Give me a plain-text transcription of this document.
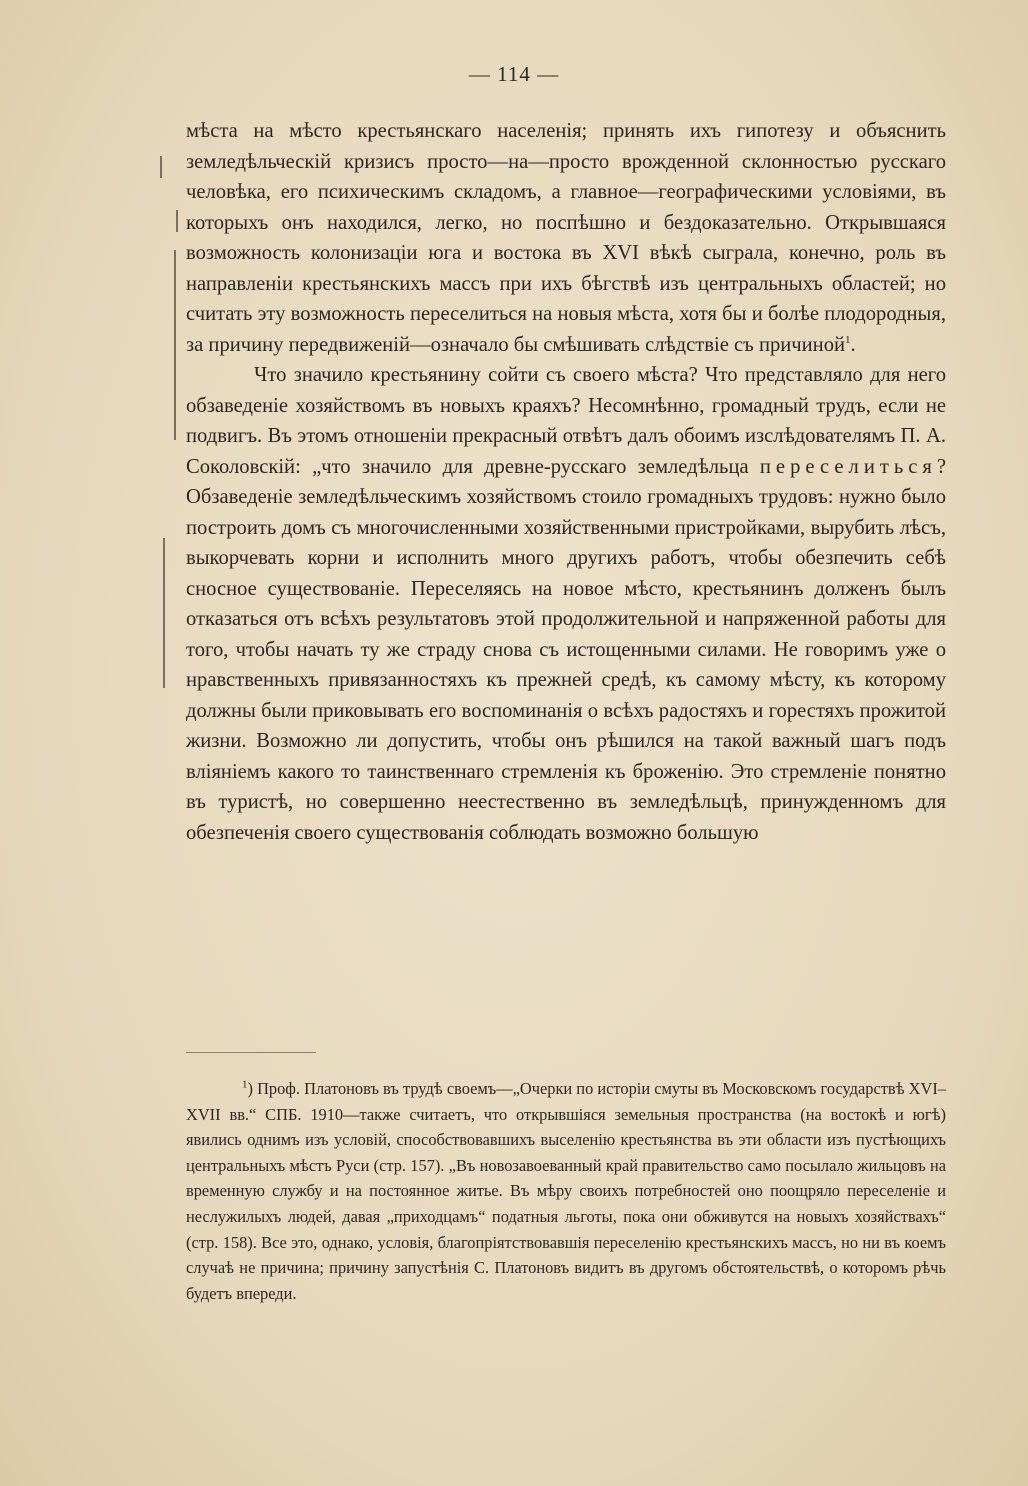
— 114 —

мѣста на мѣсто крестьянскаго населенія; принять ихъ гипотезу и объяснить земледѣльческій кризисъ просто—на—просто врожденной склонностью русскаго человѣка, его психическимъ складомъ, а главное—географическими условіями, въ которыхъ онъ находился, легко, но поспѣшно и бездоказательно. Открывшаяся возможность колонизаціи юга и востока въ XVI вѣкѣ сыграла, конечно, роль въ направленіи крестьянскихъ массъ при ихъ бѣгствѣ изъ центральныхъ областей; но считать эту возможность переселиться на новыя мѣста, хотя бы и болѣе плодородныя, за причину передвиженій—означало бы смѣшивать слѣдствіе съ причиной$^1$.

Что значило крестьянину сойти съ своего мѣста? Что представляло для него обзаведеніе хозяйствомъ въ новыхъ краяхъ? Несомнѣнно, громадный трудъ, если не подвигъ. Въ этомъ отношеніи прекрасный отвѣтъ далъ обоимъ изслѣдователямъ П. А. Соколовскій: „что значило для древне-русскаго земледѣльца переселиться? Обзаведеніе земледѣльческимъ хозяйствомъ стоило громадныхъ трудовъ: нужно было построить домъ съ многочисленными хозяйственными пристройками, вырубить лѣсъ, выкорчевать корни и исполнить много другихъ работъ, чтобы обезпечить себѣ сносное существованіе. Переселяясь на новое мѣсто, крестьянинъ долженъ былъ отказаться отъ всѣхъ результатовъ этой продолжительной и напряженной работы для того, чтобы начать ту же страду снова съ истощенными силами. Не говоримъ уже о нравственныхъ привязанностяхъ къ прежней средѣ, къ самому мѣсту, къ которому должны были приковывать его воспоминанія о всѣхъ радостяхъ и горестяхъ прожитой жизни. Возможно ли допустить, чтобы онъ рѣшился на такой важный шагъ подъ вліяніемъ какого то таинственнаго стремленія къ броженію. Это стремленіе понятно въ туристѣ, но совершенно неестественно въ земледѣльцѣ, принужденномъ для обезпеченія своего существованія соблюдать возможно большую

$^1$) Проф. Платоновъ въ трудѣ своемъ—„Очерки по исторіи смуты въ Московскомъ государствѣ XVI– XVII вв.“ СПБ. 1910—также считаетъ, что открывшіяся земельныя пространства (на востокѣ и югѣ) явились однимъ изъ условій, способствовавшихъ выселенію крестьянства въ эти области изъ пустѣющихъ центральныхъ мѣстъ Руси (стр. 157). „Въ новозавоеванный край правительство само посылало жильцовъ на временную службу и на постоянное житье. Въ мѣру своихъ потребностей оно поощряло переселеніе и неслужилыхъ людей, давая „приходцамъ“ податныя льготы, пока они обживутся на новыхъ хозяйствахъ“ (стр. 158). Все это, однако, условія, благопріятствовавшія переселенію крестьянскихъ массъ, но ни въ коемъ случаѣ не причина; причину запустѣнія С. Платоновъ видитъ въ другомъ обстоятельствѣ, о которомъ рѣчь будетъ впереди.
